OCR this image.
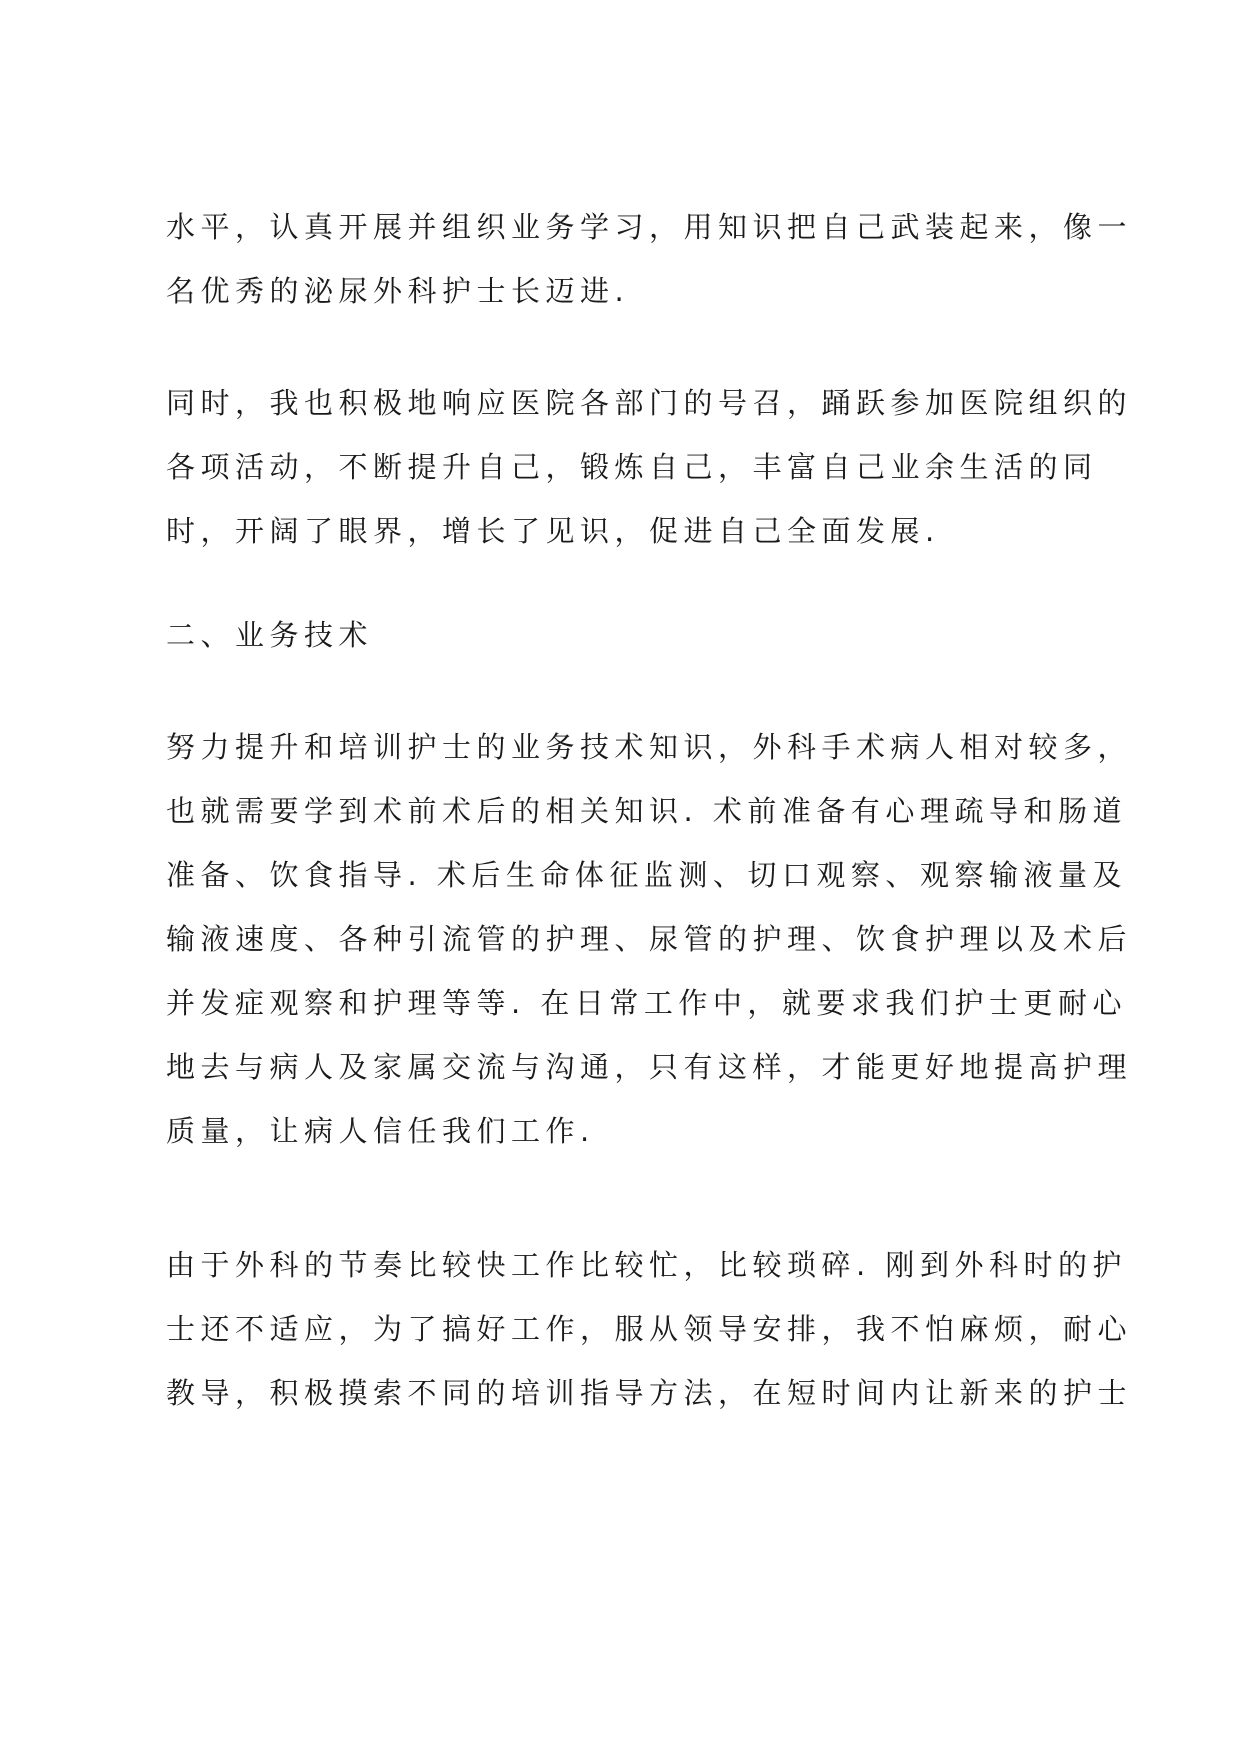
水平，认真开展并组织业务学习，用知识把自己武装起来，像一
名优秀的泌尿外科护士长迈进.
同时，我也积极地响应医院各部门的号召，踊跃参加医院组织的
各项活动，不断提升自己，锻炼自己，丰富自己业余生活的同
时，开阔了眼界，增长了见识，促进自己全面发展.
二、业务技术
努力提升和培训护士的业务技术知识，外科手术病人相对较多，
也就需要学到术前术后的相关知识. 术前准备有心理疏导和肠道
准备、饮食指导. 术后生命体征监测、切口观察、观察输液量及
输液速度、各种引流管的护理、尿管的护理、饮食护理以及术后
并发症观察和护理等等. 在日常工作中，就要求我们护士更耐心
地去与病人及家属交流与沟通，只有这样，才能更好地提高护理
质量，让病人信任我们工作.
由于外科的节奏比较快工作比较忙，比较琐碎. 刚到外科时的护
士还不适应，为了搞好工作，服从领导安排，我不怕麻烦，耐心
教导，积极摸索不同的培训指导方法，在短时间内让新来的护士
